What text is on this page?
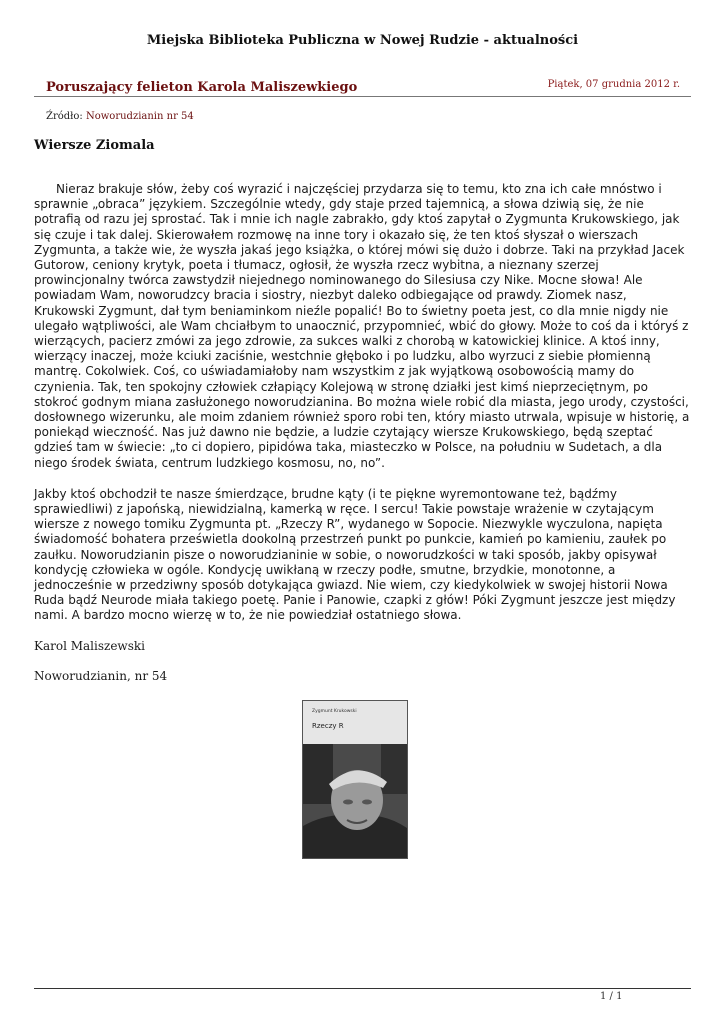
Miejska Biblioteka Publiczna w Nowej Rudzie - aktualności
Poruszający felieton Karola Maliszewkiego	Piątek, 07 grudnia 2012 r.
Źródło: Noworudzianin nr 54
Wiersze Ziomala

Nieraz brakuje słów, żeby coś wyrazić i najczęściej przydarza się to temu, kto zna ich całe mnóstwo i sprawnie „obraca” językiem. Szczególnie wtedy, gdy staje przed tajemnicą, a słowa dziwią się, że nie potrafią od razu jej sprostać. Tak i mnie ich nagle zabrakło, gdy ktoś zapytał o Zygmunta Krukowskiego, jak się czuje i tak dalej. Skierowałem rozmowę na inne tory i okazało się, że ten ktoś słyszał o wierszach Zygmunta, a także wie, że wyszła jakaś jego książka, o której mówi się dużo i dobrze. Taki na przykład Jacek Gutorow, ceniony krytyk, poeta i tłumacz, ogłosił, że wyszła rzecz wybitna, a nieznany szerzej prowincjonalny twórca zawstydził niejednego nominowanego do Silesiusa czy Nike. Mocne słowa! Ale powiadam Wam, noworudzcy bracia i siostry, niezbyt daleko odbiegające od prawdy. Ziomek nasz, Krukowski Zygmunt, dał tym beniaminkom nieźle popalić! Bo to świetny poeta jest, co dla mnie nigdy nie ulegało wątpliwości, ale Wam chciałbym to unaocznić, przypomnieć, wbić do głowy. Może to coś da i któryś z wierzących, pacierz zmówi za jego zdrowie, za sukces walki z chorobą w katowickiej klinice. A ktoś inny, wierzący inaczej, może kciuki zaciśnie, westchnie głęboko i po ludzku, albo wyrzuci z siebie płomienną mantrę. Cokolwiek. Coś, co uświadamiałoby nam wszystkim z jak wyjątkową osobowością mamy do czynienia. Tak, ten spokojny człowiek człapiący Kolejową w stronę działki jest kimś nieprzeciętnym, po stokroć godnym miana zasłużonego noworudzianina. Bo można wiele robić dla miasta, jego urody, czystości, dosłownego wizerunku, ale moim zdaniem również sporo robi ten, który miasto utrwala, wpisuje w historię, a poniekąd wieczność. Nas już dawno nie będzie, a ludzie czytający wiersze Krukowskiego, będą szeptać gdzieś tam w świecie: „to ci dopiero, pipidówa taka, miasteczko w Polsce, na południu w Sudetach, a dla niego środek świata, centrum ludzkiego kosmosu, no, no”.

Jakby ktoś obchodził te nasze śmierdzące, brudne kąty (i te piękne wyremontowane też, bądźmy sprawiedliwi) z japońską, niewidzialną, kamerką w ręce. I sercu! Takie powstaje wrażenie w czytającym wiersze z nowego tomiku Zygmunta pt. „Rzeczy R”, wydanego w Sopocie. Niezwykle wyczulona, napięta świadomość bohatera prześwietla dookolną przestrzeń punkt po punkcie, kamień po kamieniu, zaułek po zaułku. Noworudzianin pisze o noworudzianinie w sobie, o noworudzkości w taki sposób, jakby opisywał kondycję człowieka w ogóle. Kondycję uwikłaną w rzeczy podłe, smutne, brzydkie, monotonne, a jednocześnie w przedziwny sposób dotykająca gwiazd. Nie wiem, czy kiedykolwiek w swojej historii Nowa Ruda bądź Neurode miała takiego poetę. Panie i Panowie, czapki z głów! Póki Zygmunt jeszcze jest między nami. A bardzo mocno wierzę w to, że nie powiedział ostatniego słowa.

Karol Maliszewski
Noworudzianin, nr 54
Zygmunt Krukowski
Rzeczy R
1 / 1
